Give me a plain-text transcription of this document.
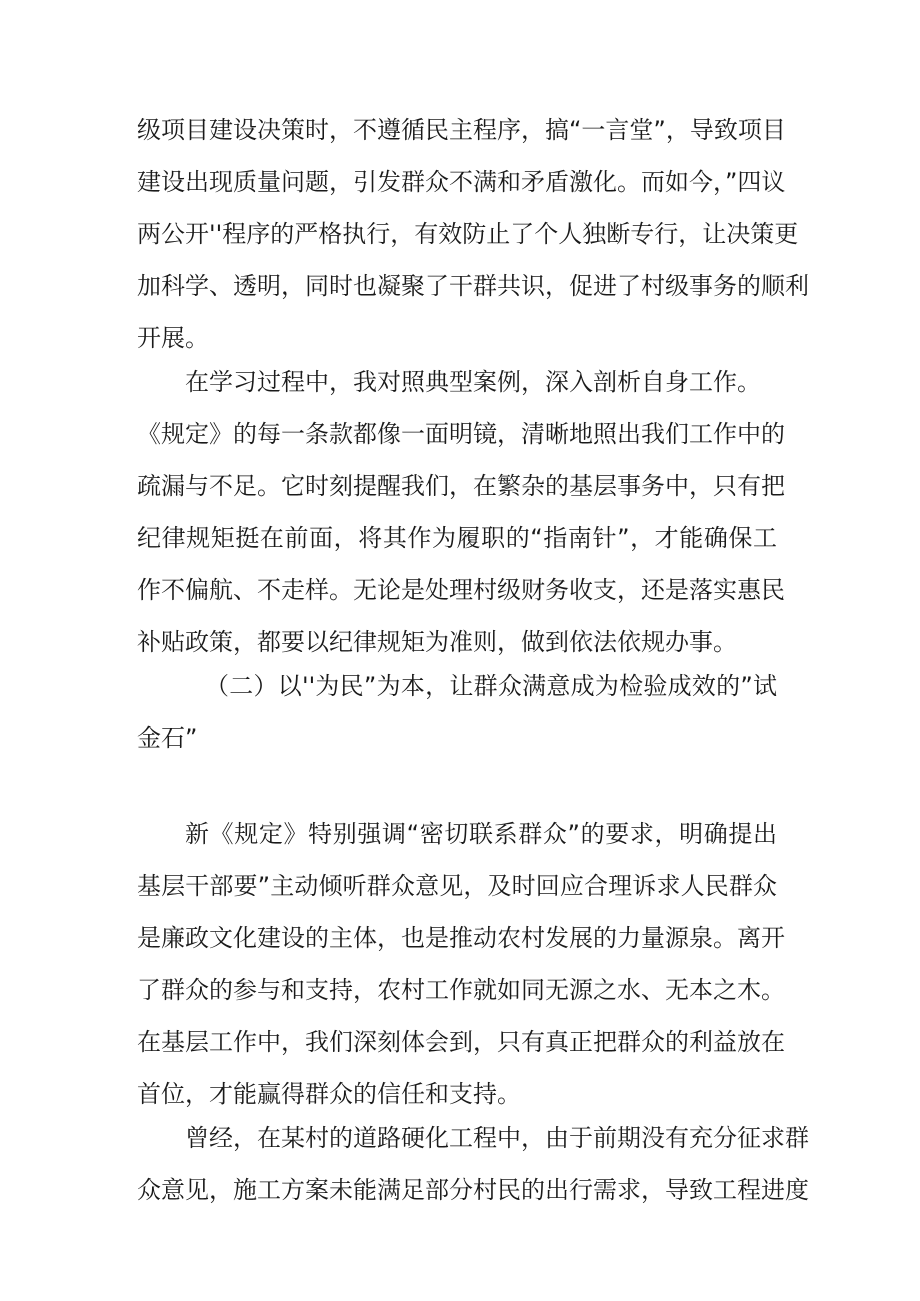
级项目建设决策时，不遵循民主程序，搞“一言堂”，导致项目
建设出现质量问题，引发群众不满和矛盾激化。而如今，”四议
两公开''程序的严格执行，有效防止了个人独断专行，让决策更
加科学、透明，同时也凝聚了干群共识，促进了村级事务的顺利
开展。
在学习过程中，我对照典型案例，深入剖析自身工作。
《规定》的每一条款都像一面明镜，清晰地照出我们工作中的
疏漏与不足。它时刻提醒我们，在繁杂的基层事务中，只有把
纪律规矩挺在前面，将其作为履职的“指南针”，才能确保工
作不偏航、不走样。无论是处理村级财务收支，还是落实惠民
补贴政策，都要以纪律规矩为准则，做到依法依规办事。
（二）以''为民”为本，让群众满意成为检验成效的”试
金石”
新《规定》特别强调“密切联系群众”的要求，明确提出
基层干部要”主动倾听群众意见，及时回应合理诉求人民群众
是廉政文化建设的主体，也是推动农村发展的力量源泉。离开
了群众的参与和支持，农村工作就如同无源之水、无本之木。
在基层工作中，我们深刻体会到，只有真正把群众的利益放在
首位，才能赢得群众的信任和支持。
曾经，在某村的道路硬化工程中，由于前期没有充分征求群
众意见，施工方案未能满足部分村民的出行需求，导致工程进度
